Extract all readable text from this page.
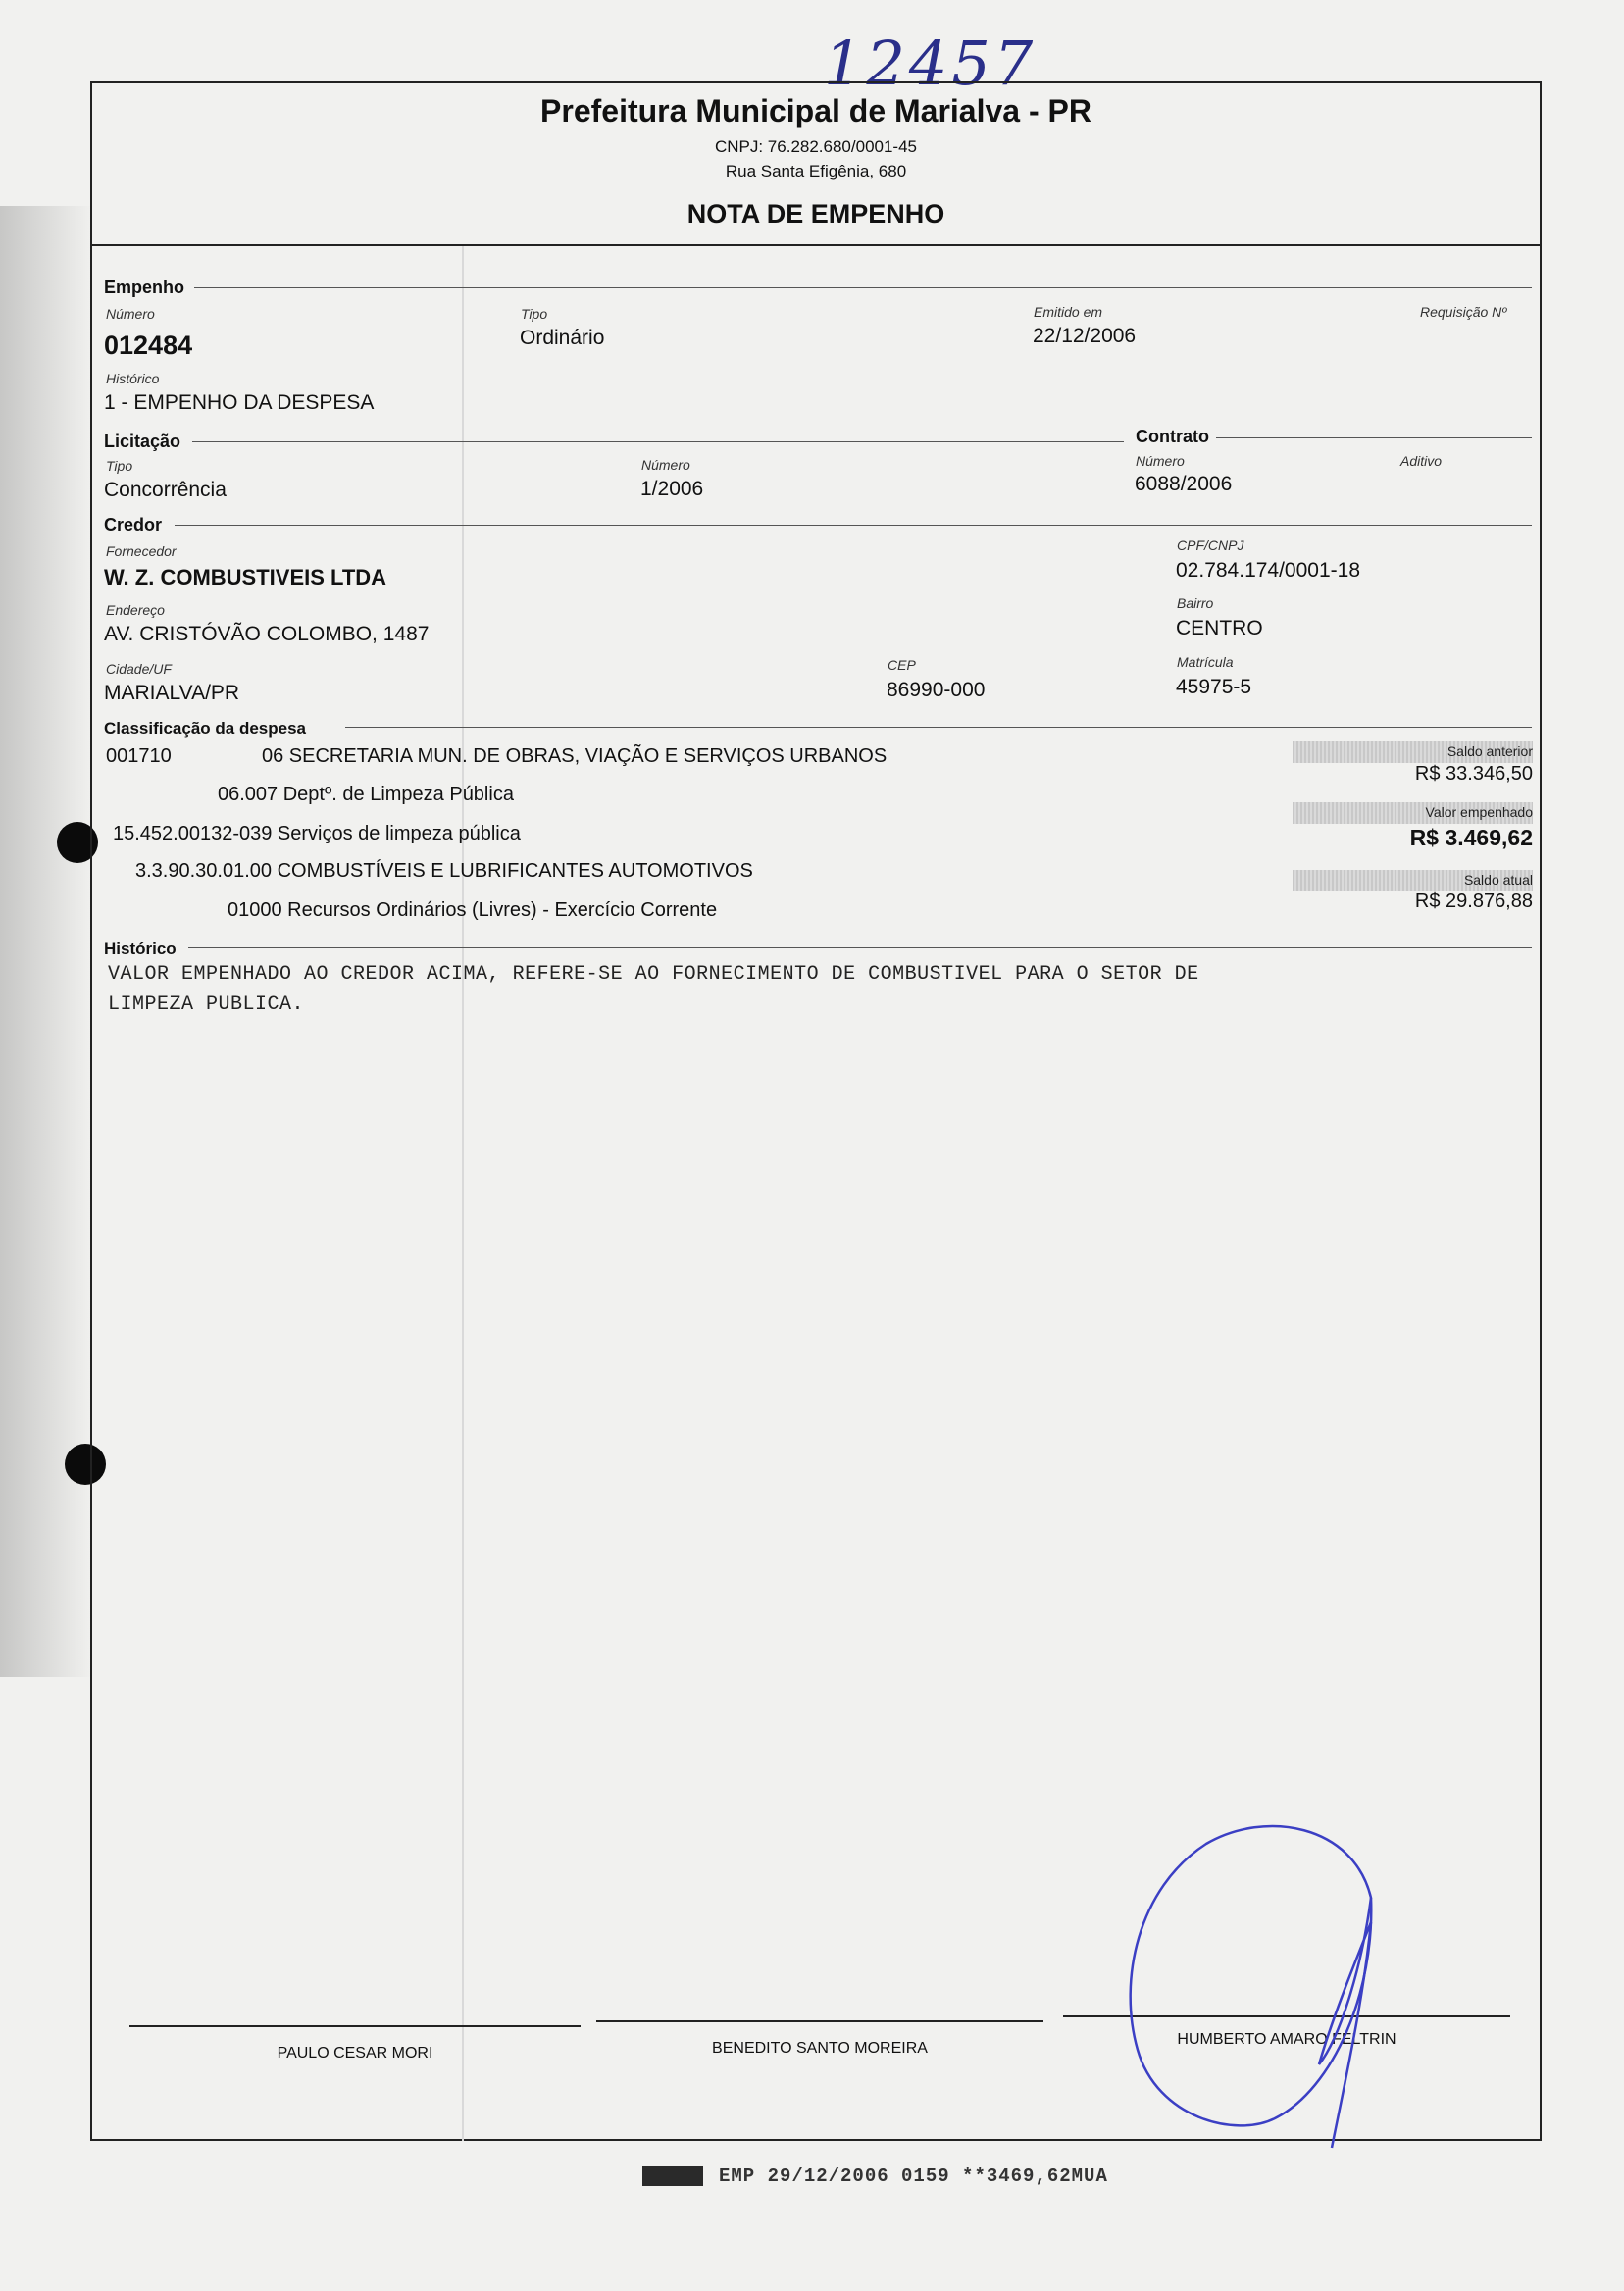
12457
Prefeitura Municipal de Marialva - PR
CNPJ: 76.282.680/0001-45
Rua Santa Efigênia, 680
NOTA DE EMPENHO
Empenho
Número
012484
Tipo
Ordinário
Emitido em
22/12/2006
Requisição Nº
Histórico
1 - EMPENHO DA DESPESA
Licitação	Contrato
Tipo
Concorrência
Número
1/2006
Número
6088/2006
Aditivo
Credor
Fornecedor
W. Z. COMBUSTIVEIS LTDA
CPF/CNPJ
02.784.174/0001-18
Endereço
AV. CRISTÓVÃO COLOMBO, 1487
Bairro
CENTRO
Cidade/UF
MARIALVA/PR
CEP
86990-000
Matrícula
45975-5
Classificação da despesa
001710	06 SECRETARIA MUN. DE OBRAS, VIAÇÃO E SERVIÇOS URBANOS
06.007 Deptº. de Limpeza Pública
15.452.00132-039 Serviços de limpeza pública
3.3.90.30.01.00 COMBUSTÍVEIS E LUBRIFICANTES AUTOMOTIVOS
01000 Recursos Ordinários (Livres) - Exercício Corrente
Saldo anterior
R$ 33.346,50
Valor empenhado
R$ 3.469,62
Saldo atual
R$ 29.876,88
Histórico
VALOR EMPENHADO AO CREDOR ACIMA, REFERE-SE AO FORNECIMENTO DE COMBUSTIVEL PARA O SETOR DE
LIMPEZA PUBLICA.
PAULO CESAR MORI	BENEDITO SANTO MOREIRA
HUMBERTO AMARO FELTRIN
EMP 29/12/2006 0159 **3469,62MUA
